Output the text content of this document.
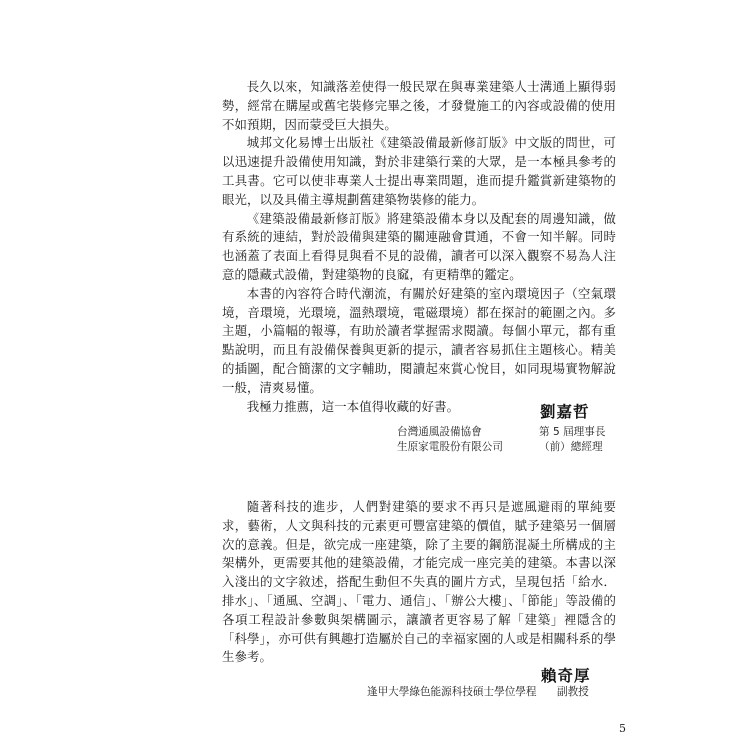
長久以來，知識落差使得一般民眾在與專業建築人士溝通上顯得弱勢，經常在購屋或舊宅裝修完畢之後，才發覺施工的內容或設備的使用不如預期，因而蒙受巨大損失。

城邦文化易博士出版社《建築設備最新修訂版》中文版的問世，可以迅速提升設備使用知識，對於非建築行業的大眾，是一本極具參考的工具書。它可以使非專業人士提出專業問題，進而提升鑑賞新建築物的眼光，以及具備主導規劃舊建築物裝修的能力。

《建築設備最新修訂版》將建築設備本身以及配套的周邊知識，做有系統的連結，對於設備與建築的關連融會貫通，不會一知半解。同時也涵蓋了表面上看得見與看不見的設備，讀者可以深入觀察不易為人注意的隱藏式設備，對建築物的良窳，有更精準的鑑定。

本書的內容符合時代潮流，有關於好建築的室內環境因子（空氣環境，音環境，光環境，溫熱環境，電磁環境）都在探討的範圍之內。多主題，小篇幅的報導，有助於讀者掌握需求閱讀。每個小單元，都有重點說明，而且有設備保養與更新的提示，讀者容易抓住主題核心。精美的插圖，配合簡潔的文字輔助，閱讀起來賞心悅目，如同現場實物解說一般，清爽易懂。

我極力推薦，這一本值得收藏的好書。	劉嘉哲
台灣通風設備協會	第 5 屆理事長
生原家電股份有限公司	（前）總經理

隨著科技的進步，人們對建築的要求不再只是遮風避雨的單純要求，藝術，人文與科技的元素更可豐富建築的價值，賦予建築另一個層次的意義。但是，欲完成一座建築，除了主要的鋼筋混凝土所構成的主架構外，更需要其他的建築設備，才能完成一座完美的建築。本書以深入淺出的文字敘述，搭配生動但不失真的圖片方式，呈現包括「給水．排水」、「通風、空調」、「電力、通信」、「辦公大樓」、「節能」等設備的各項工程設計參數與架構圖示，讓讀者更容易了解「建築」裡隱含的「科學」，亦可供有興趣打造屬於自己的幸福家園的人或是相關科系的學生參考。

賴奇厚
逢甲大學綠色能源科技碩士學位學程 副教授
5
